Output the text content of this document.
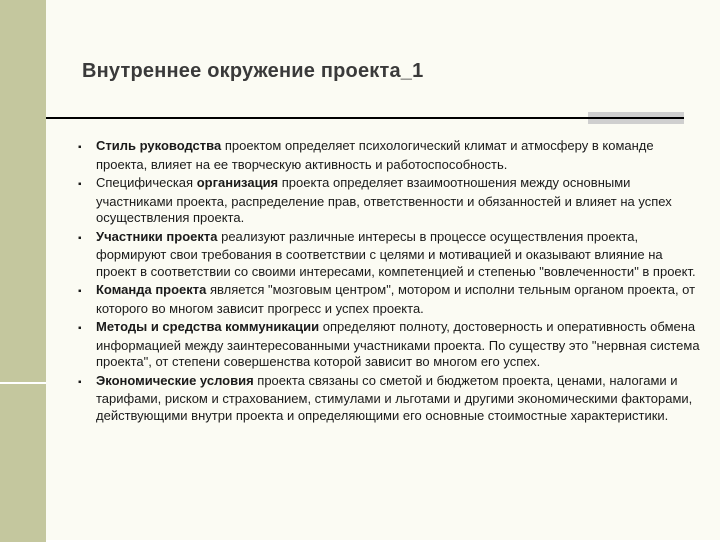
Внутреннее окружение проекта_1
▪ Стиль руководства проектом определяет психологический климат и атмосферу в команде проекта, влияет на ее творческую активность и работоспособность.
▪ Специфическая организация проекта определяет взаимоотношения между основными участниками проекта, распределение прав, ответственности и обязанностей и влияет на успех осуществления проекта.
▪ Участники проекта реализуют различные интересы в процессе осуществления проекта, формируют свои требования в соответствии с целями и мотивацией и оказывают влияние на проект в соответствии со своими интересами, компетенцией и степенью "вовлеченности" в проект.
▪ Команда проекта является "мозговым центром", мотором и исполни тельным органом проекта, от которого во многом зависит прогресс и успех проекта.
▪ Методы и средства коммуникации определяют полноту, достоверность и оперативность обмена информацией между заинтересованными участниками проекта. По существу это "нервная система проекта", от степени совершенства которой зависит во многом его успех.
▪ Экономические условия проекта связаны со сметой и бюджетом проекта, ценами, налогами и тарифами, риском и страхованием, стимулами и льготами и другими экономическими факторами, действующими внутри проекта и определяющими его основные стоимостные характеристики.
